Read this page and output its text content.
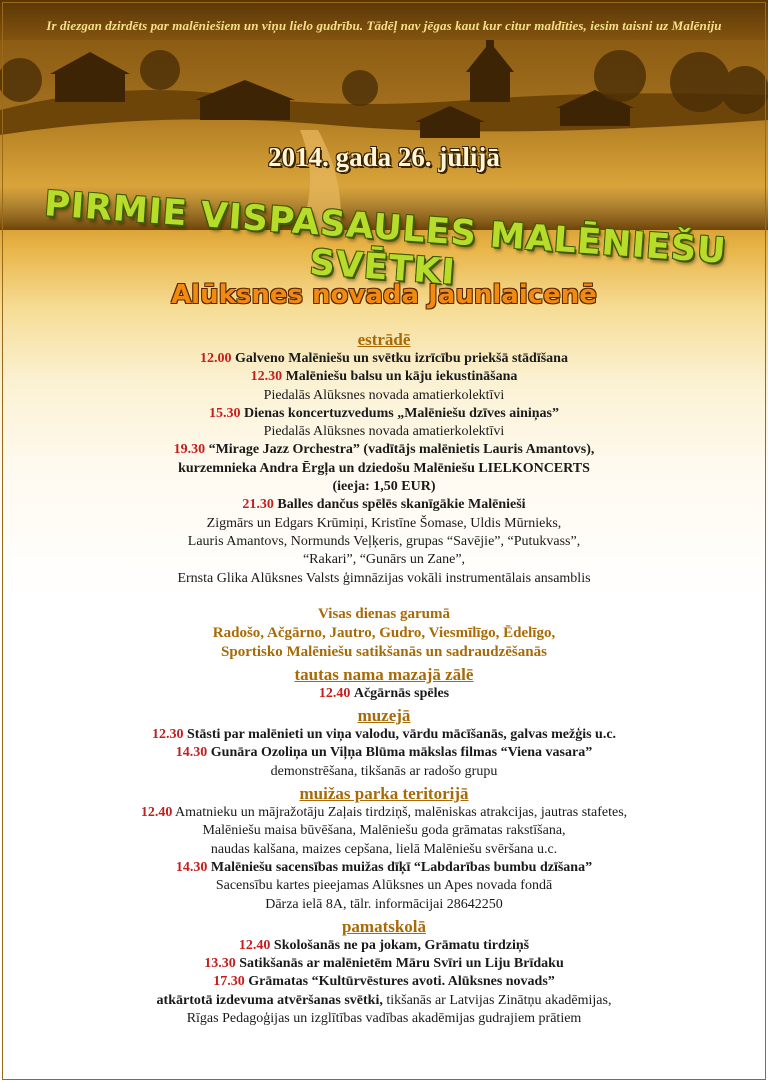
Ir diezgan dzirdēts par malēniešiem un viņu lielo gudrību. Tādēļ nav jēgas kaut kur citur maldīties, iesim taisni uz Malēniju
2014. gada 26. jūlijā
PIRMIE VISPASAULES MALĒNIEŠU SVĒTKI
Alūksnes novada Jaunlaicenē
estrādē
12.00 Galveno Malēniešu un svētku izrīcību priekšā stādīšana
12.30 Malēniešu balsu un kāju iekustināšana
Piedalās Alūksnes novada amatierkolektīvi
15.30 Dienas koncertuzvedums „Malēniešu dzīves ainiņas”
Piedalās Alūksnes novada amatierkolektīvi
19.30 “Mirage Jazz Orchestra” (vadītājs malēnietis Lauris Amantovs),
kurzemnieka Andra Ērgļa un dziedošu Malēniešu LIELKONCERTS
(ieeja: 1,50 EUR)
21.30 Balles dančus spēlēs skanīgākie Malēnieši
Zigmārs un Edgars Krūmiņi, Kristīne Šomase, Uldis Mūrnieks,
Lauris Amantovs, Normunds Veļķeris, grupas “Savējie”, “Putukvass”,
“Rakari”, “Gunārs un Zane”,
Ernsta Glika Alūksnes Valsts ģimnāzijas vokāli instrumentālais ansamblis
Visas dienas garumā
Radošo, Ačgārno, Jautro, Gudro, Viesmīlīgo, Ēdelīgo,
Sportisko Malēniešu satikšanās un sadraudzēšanās
tautas nama mazajā zālē
12.40 Ačgārnās spēles
muzejā
12.30 Stāsti par malēnieti un viņa valodu, vārdu mācīšanās, galvas mežģis u.c.
14.30 Gunāra Ozoliņa un Viļņa Blūma mākslas filmas “Viena vasara”
demonstrēšana, tikšanās ar radošo grupu
muižas parka teritorijā
12.40 Amatnieku un mājražotāju Zaļais tirdziņš, malēniskas atrakcijas, jautras stafetes,
Malēniešu maisa būvēšana, Malēniešu goda grāmatas rakstīšana,
naudas kalšana, maizes cepšana, lielā Malēniešu svēršana u.c.
14.30 Malēniešu sacensības muižas dīķī “Labdarības bumbu dzīšana”
Sacensību kartes pieejamas Alūksnes un Apes novada fondā
Dārza ielā 8A, tālr. informācijai 28642250
pamatskolā
12.40 Skološanās ne pa jokam, Grāmatu tirdziņš
13.30 Satikšanās ar malēnietēm Māru Svīri un Liju Brīdaku
17.30 Grāmatas “Kultūrvēstures avoti. Alūksnes novads”
atkārtotā izdevuma atvēršanas svētki, tikšanās ar Latvijas Zinātņu akadēmijas,
Rīgas Pedagoģijas un izglītības vadības akadēmijas gudrajiem prātiem
